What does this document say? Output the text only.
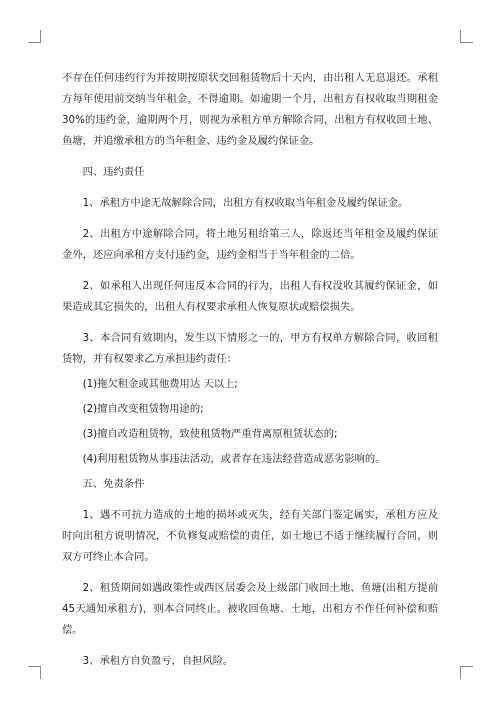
不存在任何违约行为并按期按原状交回租赁物后十天内，由出租人无息退还。承租方每年使用前交纳当年租金，不得逾期。如逾期一个月，出租方有权收取当期租金30%的违约金，逾期两个月，则视为承租方单方解除合同，出租方有权收回土地、鱼塘，并追缴承租方的当年租金、违约金及履约保证金。

四、违约责任

1、承租方中途无故解除合同，出租方有权收取当年租金及履约保证金。

2、出租方中途解除合同，将土地另租给第三人，除返还当年租金及履约保证金外，还应向承租方支付违约金，违约金相当于当年租金的二倍。

2、如承租人出现任何违反本合同的行为，出租人有权没收其履约保证金，如果造成其它损失的，出租人有权要求承租人恢复原状或赔偿损失。

3、本合同有效期内，发生以下情形之一的，甲方有权单方解除合同，收回租赁物，并有权要求乙方承担违约责任：

(1)拖欠租金或其他费用达 天以上;

(2)擅自改变租赁物用途的;

(3)擅自改造租赁物，致使租赁物严重背离原租赁状态的;

(4)利用租赁物从事违法活动，或者存在违法经营造成恶劣影响的。

五、免责条件

1、遇不可抗力造成的土地的损坏或灭失，经有关部门鉴定属实，承租方应及时向出租方说明情况，不负修复或赔偿的责任，如土地已不适于继续履行合同，则双方可终止本合同。

2、租赁期间如遇政策性或西区居委会及上级部门收回土地、鱼塘(出租方提前45天通知承租方)，则本合同终止。被收回鱼塘、土地，出租方不作任何补偿和赔偿。

3、承租方自负盈亏，自担风险。
